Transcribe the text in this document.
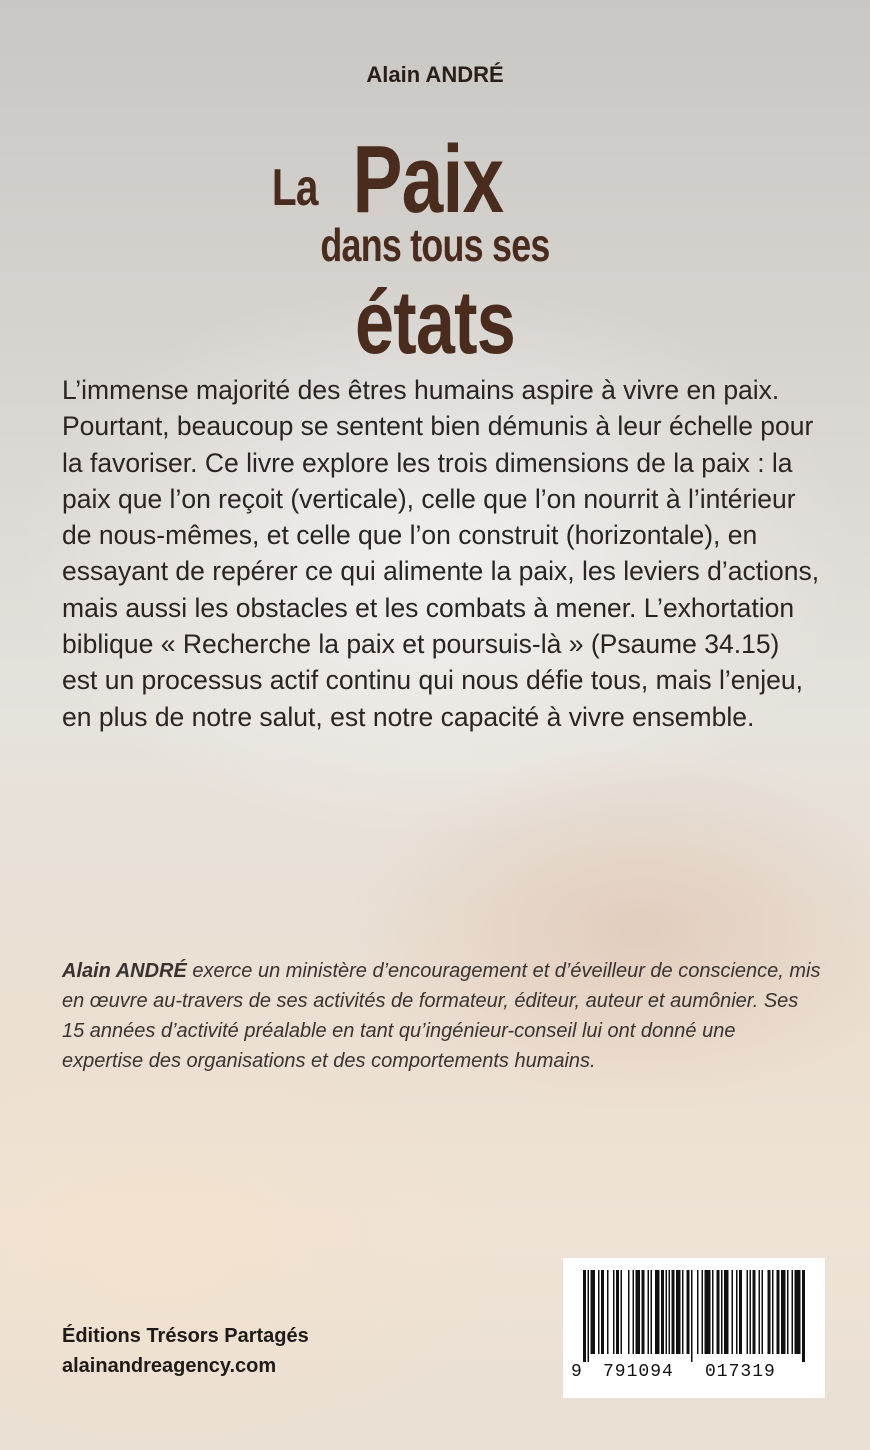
Alain ANDRÉ
La Paix
dans tous ses
états
L’immense majorité des êtres humains aspire à vivre en paix. Pourtant, beaucoup se sentent bien démunis à leur échelle pour la favoriser. Ce livre explore les trois dimensions de la paix : la paix que l’on reçoit (verticale), celle que l’on nourrit à l’intérieur de nous-mêmes, et celle que l’on construit (horizontale), en essayant de repérer ce qui alimente la paix, les leviers d’actions, mais aussi les obstacles et les combats à mener. L’exhortation biblique « Recherche la paix et poursuis-là » (Psaume 34.15) est un processus actif continu qui nous défie tous, mais l’enjeu, en plus de notre salut, est notre capacité à vivre ensemble.
Alain ANDRÉ exerce un ministère d’encouragement et d’éveilleur de conscience, mis en œuvre au-travers de ses activités de formateur, éditeur, auteur et aumônier. Ses 15 années d’activité préalable en tant qu’ingénieur-conseil lui ont donné une expertise des organisations et des comportements humains.
Éditions Trésors Partagés
alainandreagency.com	9 791094 017319
